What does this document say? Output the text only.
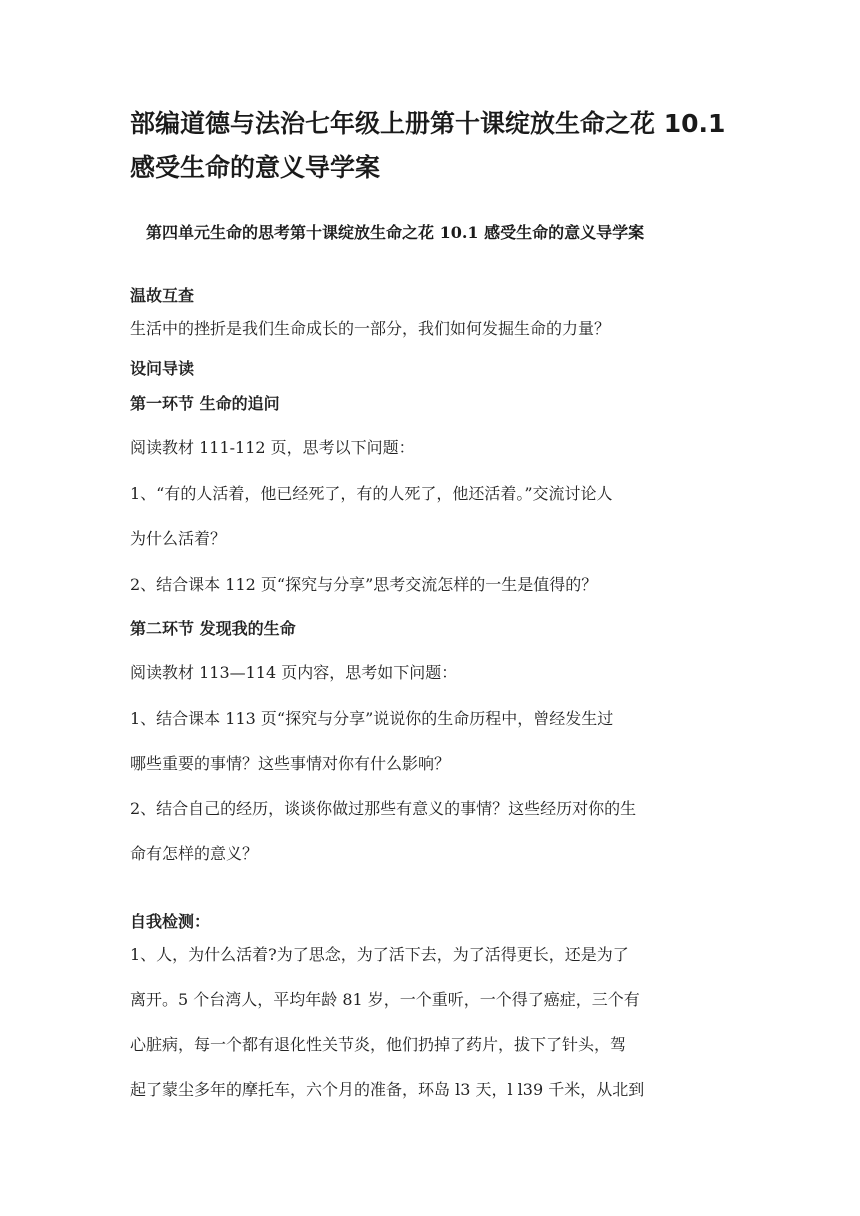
部编道德与法治七年级上册第十课绽放生命之花 10.1
感受生命的意义导学案
第四单元生命的思考第十课绽放生命之花 10.1 感受生命的意义导学案
温故互查
生活中的挫折是我们生命成长的一部分，我们如何发掘生命的力量？
设问导读
第一环节 生命的追问
阅读教材 111-112 页，思考以下问题：
1、“有的人活着，他已经死了，有的人死了，他还活着。”交流讨论人
为什么活着？
2、结合课本 112 页“探究与分享”思考交流怎样的一生是值得的？
第二环节 发现我的生命
阅读教材 113—114 页内容，思考如下问题：
1、结合课本 113 页“探究与分享”说说你的生命历程中，曾经发生过
哪些重要的事情？这些事情对你有什么影响？
2、结合自己的经历，谈谈你做过那些有意义的事情？这些经历对你的生
命有怎样的意义？
自我检测：
1、人，为什么活着?为了思念，为了活下去，为了活得更长，还是为了
离开。5 个台湾人，平均年龄 81 岁，一个重听，一个得了癌症，三个有
心脏病，每一个都有退化性关节炎，他们扔掉了药片，拔下了针头，驾
起了蒙尘多年的摩托车，六个月的准备，环岛 l3 天，l l39 千米，从北到
